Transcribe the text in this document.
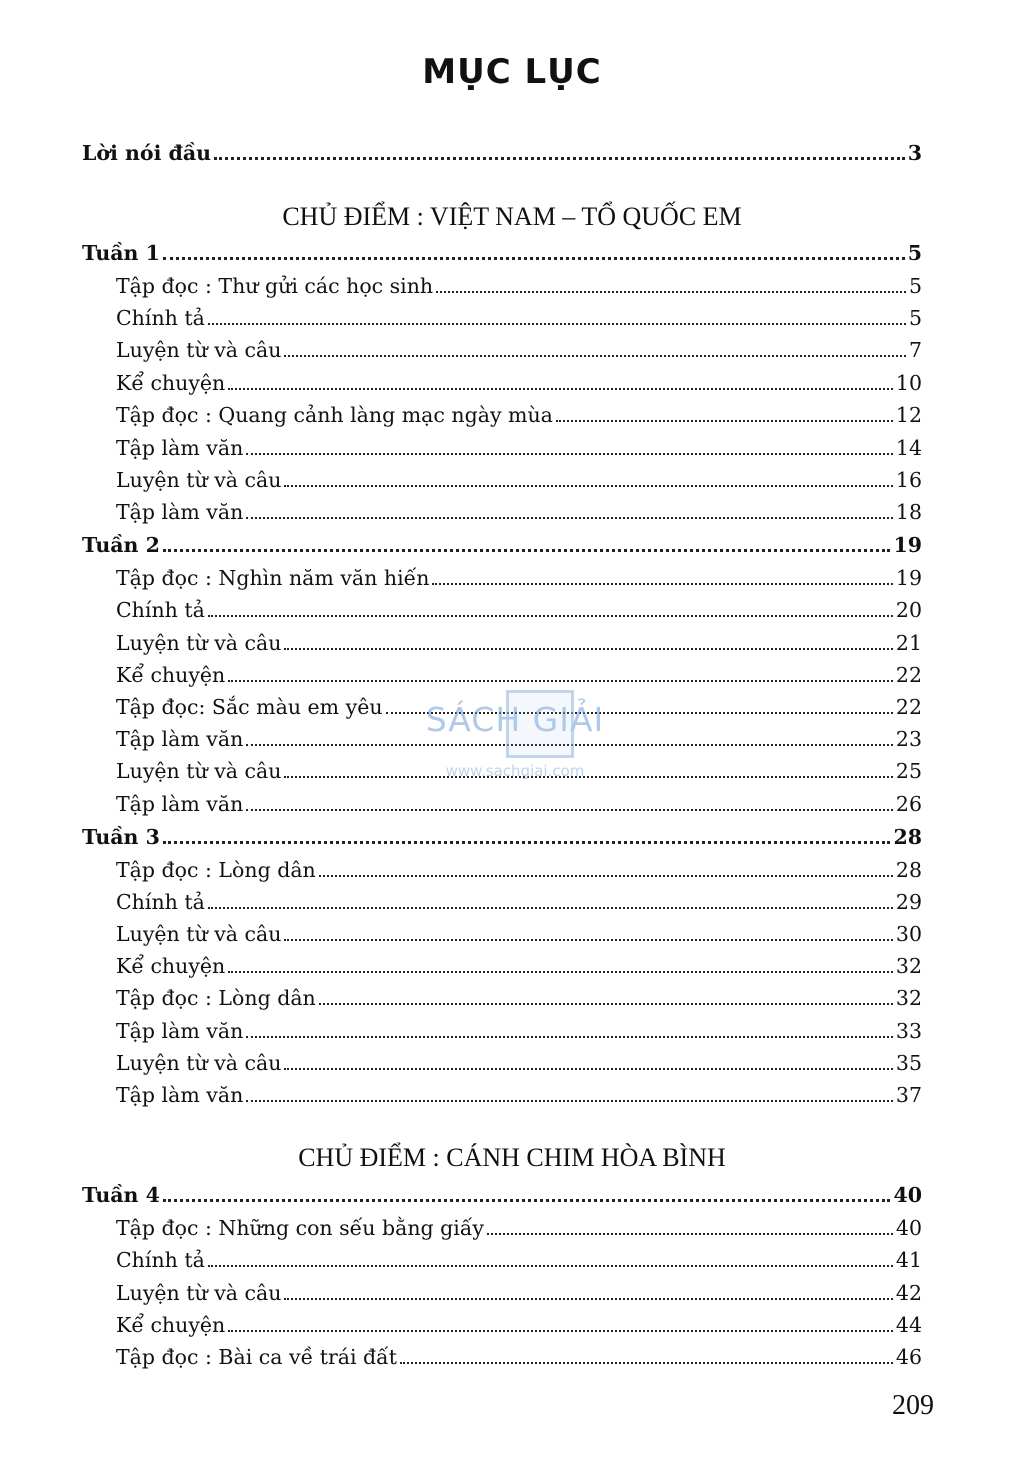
MỤC LỤC
Lời nói đầu	3
CHỦ ĐIỂM : VIỆT NAM – TỔ QUỐC EM
Tuần 1	5
Tập đọc : Thư gửi các học sinh	5
Chính tả	5
Luyện từ và câu	7
Kể chuyện	10
Tập đọc : Quang cảnh làng mạc ngày mùa	12
Tập làm văn	14
Luyện từ và câu	16
Tập làm văn	18
Tuần 2	19
Tập đọc : Nghìn năm văn hiến	19
Chính tả	20
Luyện từ và câu	21
Kể chuyện	22
Tập đọc: Sắc màu em yêu	22
Tập làm văn	23
Luyện từ và câu	25
Tập làm văn	26
Tuần 3	28
Tập đọc : Lòng dân	28
Chính tả	29
Luyện từ và câu	30
Kể chuyện	32
Tập đọc : Lòng dân	32
Tập làm văn	33
Luyện từ và câu	35
Tập làm văn	37
CHỦ ĐIỂM : CÁNH CHIM HÒA BÌNH
Tuần 4	40
Tập đọc : Những con sếu bằng giấy	40
Chính tả	41
Luyện từ và câu	42
Kể chuyện	44
Tập đọc : Bài ca về trái đất	46
209
SÁCH GIẢI
www.sachgiai.com
